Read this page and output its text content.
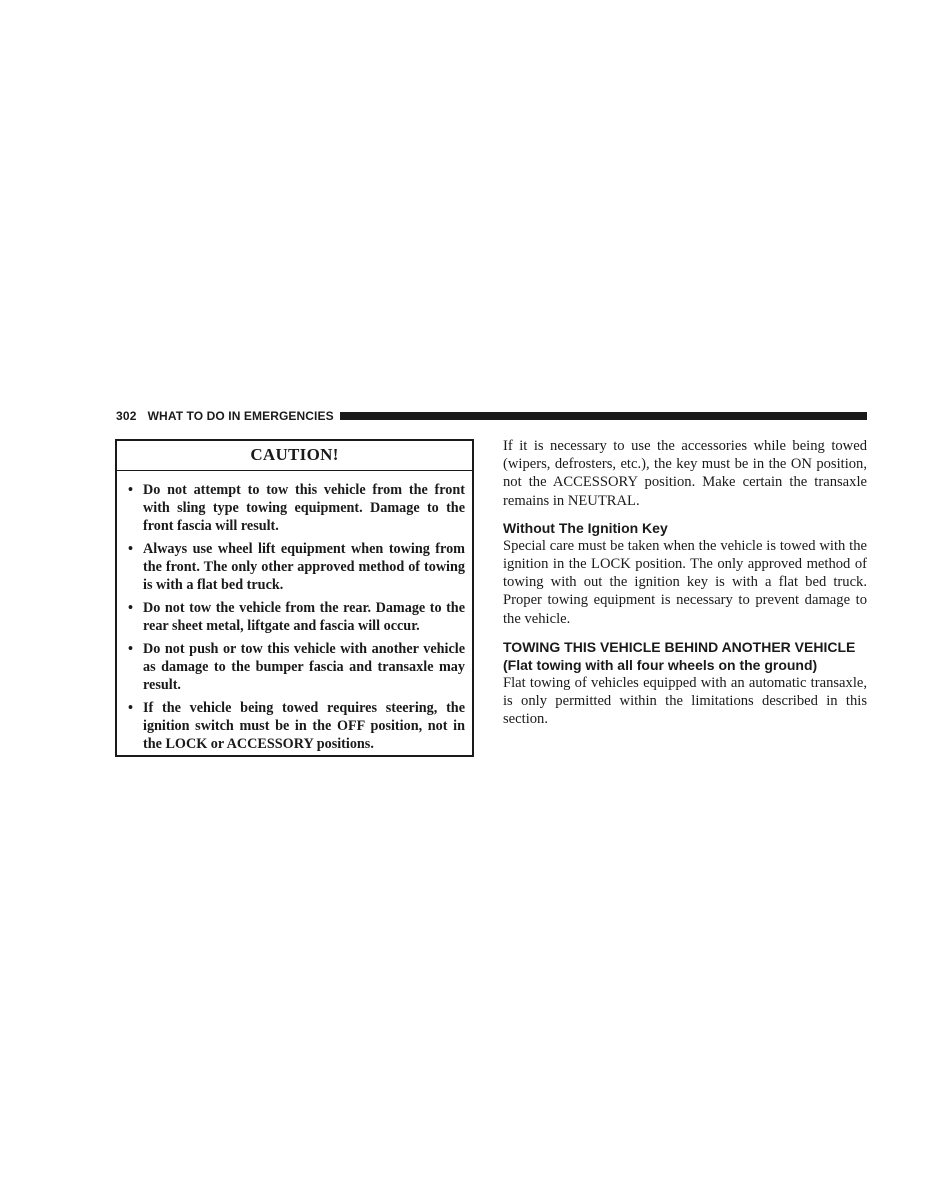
302 WHAT TO DO IN EMERGENCIES
CAUTION!
• Do not attempt to tow this vehicle from the front with sling type towing equipment. Damage to the front fascia will result.
• Always use wheel lift equipment when towing from the front. The only other approved method of towing is with a flat bed truck.
• Do not tow the vehicle from the rear. Damage to the rear sheet metal, liftgate and fascia will occur.
• Do not push or tow this vehicle with another vehicle as damage to the bumper fascia and transaxle may result.
• If the vehicle being towed requires steering, the ignition switch must be in the OFF position, not in the LOCK or ACCESSORY positions.

If it is necessary to use the accessories while being towed (wipers, defrosters, etc.), the key must be in the ON position, not the ACCESSORY position. Make certain the transaxle remains in NEUTRAL.

Without The Ignition Key

Special care must be taken when the vehicle is towed with the ignition in the LOCK position. The only approved method of towing with out the ignition key is with a flat bed truck. Proper towing equipment is necessary to prevent damage to the vehicle.

TOWING THIS VEHICLE BEHIND ANOTHER VEHICLE (Flat towing with all four wheels on the ground)

Flat towing of vehicles equipped with an automatic transaxle, is only permitted within the limitations described in this section.
